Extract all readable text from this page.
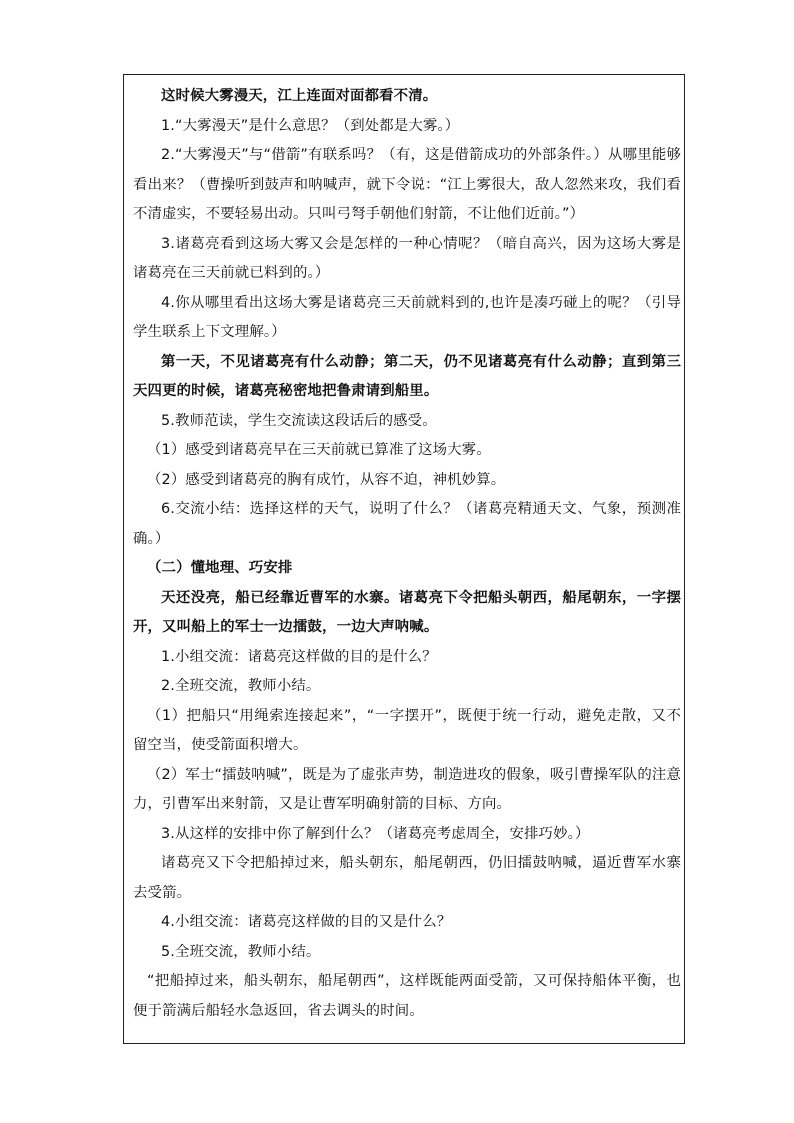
这时候大雾漫天，江上连面对面都看不清。

1.“大雾漫天”是什么意思？（到处都是大雾。）

2.“大雾漫天”与“借箭”有联系吗？（有，这是借箭成功的外部条件。）从哪里能够看出来？（曹操听到鼓声和呐喊声，就下令说：“江上雾很大，敌人忽然来攻，我们看不清虚实，不要轻易出动。只叫弓弩手朝他们射箭，不让他们近前。”）

3.诸葛亮看到这场大雾又会是怎样的一种心情呢？（暗自高兴，因为这场大雾是诸葛亮在三天前就已料到的。）

4.你从哪里看出这场大雾是诸葛亮三天前就料到的,也许是凑巧碰上的呢？（引导学生联系上下文理解。）

第一天，不见诸葛亮有什么动静；第二天，仍不见诸葛亮有什么动静；直到第三天四更的时候，诸葛亮秘密地把鲁肃请到船里。

5.教师范读，学生交流读这段话后的感受。

（1）感受到诸葛亮早在三天前就已算准了这场大雾。

（2）感受到诸葛亮的胸有成竹，从容不迫，神机妙算。

6.交流小结：选择这样的天气，说明了什么？（诸葛亮精通天文、气象，预测准确。）

（二）懂地理、巧安排

天还没亮，船已经靠近曹军的水寨。诸葛亮下令把船头朝西，船尾朝东，一字摆开，又叫船上的军士一边擂鼓，一边大声呐喊。

1.小组交流：诸葛亮这样做的目的是什么？

2.全班交流，教师小结。

（1）把船只“用绳索连接起来”，“一字摆开”，既便于统一行动，避免走散，又不留空当，使受箭面积增大。

（2）军士“擂鼓呐喊”，既是为了虚张声势，制造进攻的假象，吸引曹操军队的注意力，引曹军出来射箭，又是让曹军明确射箭的目标、方向。

3.从这样的安排中你了解到什么？（诸葛亮考虑周全，安排巧妙。）

诸葛亮又下令把船掉过来，船头朝东，船尾朝西，仍旧擂鼓呐喊，逼近曹军水寨去受箭。

4.小组交流：诸葛亮这样做的目的又是什么？

5.全班交流，教师小结。

“把船掉过来，船头朝东，船尾朝西”，这样既能两面受箭，又可保持船体平衡，也便于箭满后船轻水急返回，省去调头的时间。
